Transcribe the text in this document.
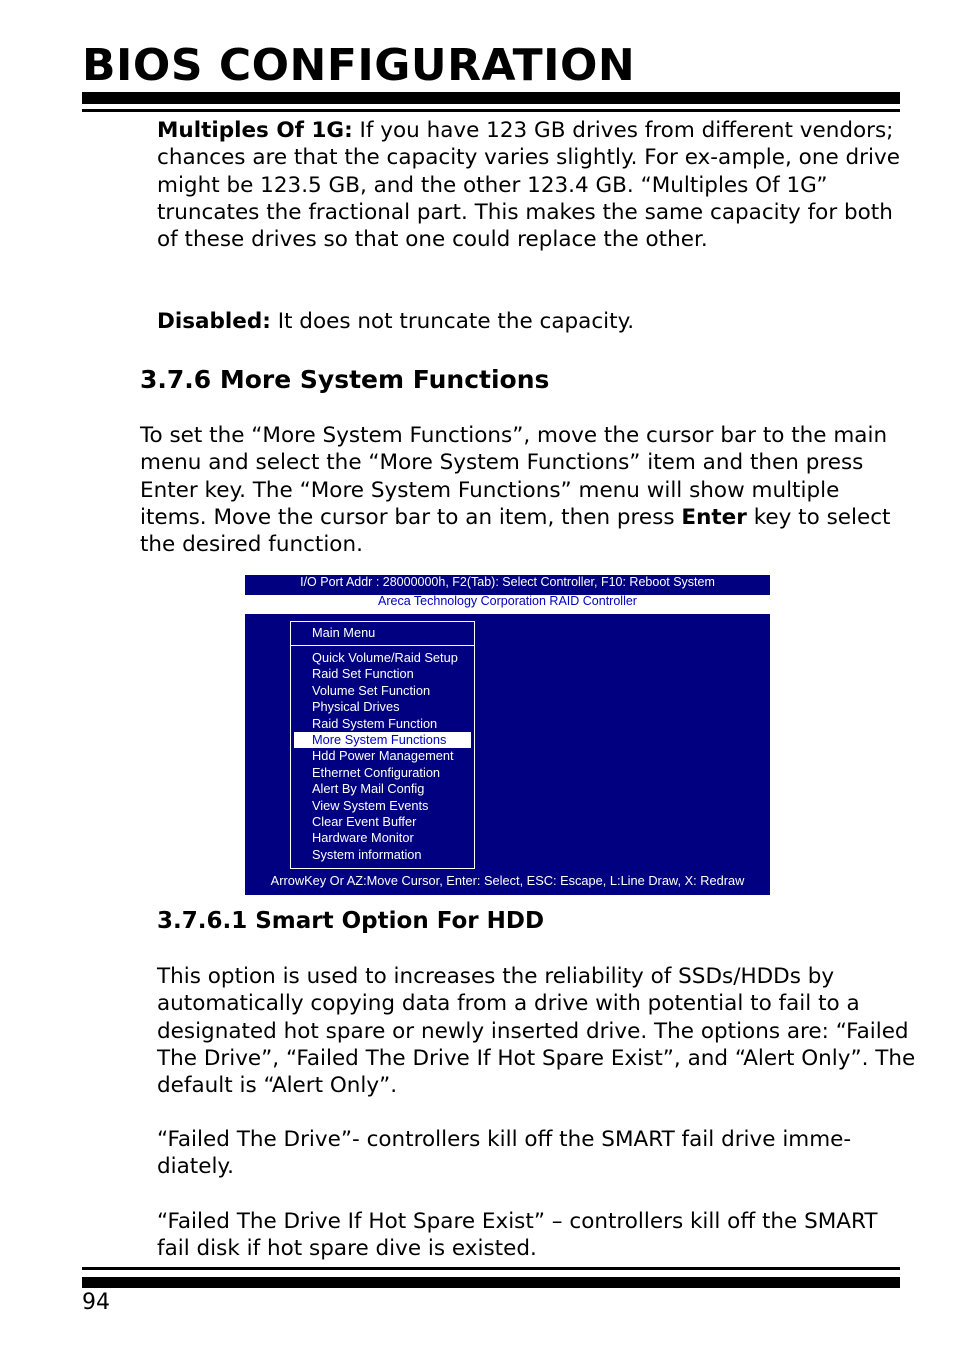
BIOS CONFIGURATION

Multiples Of 1G: If you have 123 GB drives from different vendors; chances are that the capacity varies slightly. For ex-ample, one drive might be 123.5 GB, and the other 123.4 GB. “Multiples Of 1G” truncates the fractional part. This makes the same capacity for both of these drives so that one could replace the other.

Disabled: It does not truncate the capacity.

3.7.6 More System Functions

To set the “More System Functions”, move the cursor bar to the main menu and select the “More System Functions” item and then press Enter key. The “More System Functions” menu will show multiple items. Move the cursor bar to an item, then press Enter key to select the desired function.

I/O Port Addr : 28000000h, F2(Tab): Select Controller, F10: Reboot System
Areca Technology Corporation RAID Controller
Main Menu
Quick Volume/Raid Setup
Raid Set Function
Volume Set Function
Physical Drives
Raid System Function
More System Functions
Hdd Power Management
Ethernet Configuration
Alert By Mail Config
View System Events
Clear Event Buffer
Hardware Monitor
System information
ArrowKey Or AZ:Move Cursor, Enter: Select, ESC: Escape, L:Line Draw, X: Redraw
3.7.6.1 Smart Option For HDD

This option is used to increases the reliability of SSDs/HDDs by automatically copying data from a drive with potential to fail to a designated hot spare or newly inserted drive. The options are: “Failed The Drive”, “Failed The Drive If Hot Spare Exist”, and “Alert Only”. The default is “Alert Only”.

“Failed The Drive”- controllers kill off the SMART fail drive imme-diately.

“Failed The Drive If Hot Spare Exist” – controllers kill off the SMART fail disk if hot spare dive is existed.

94
